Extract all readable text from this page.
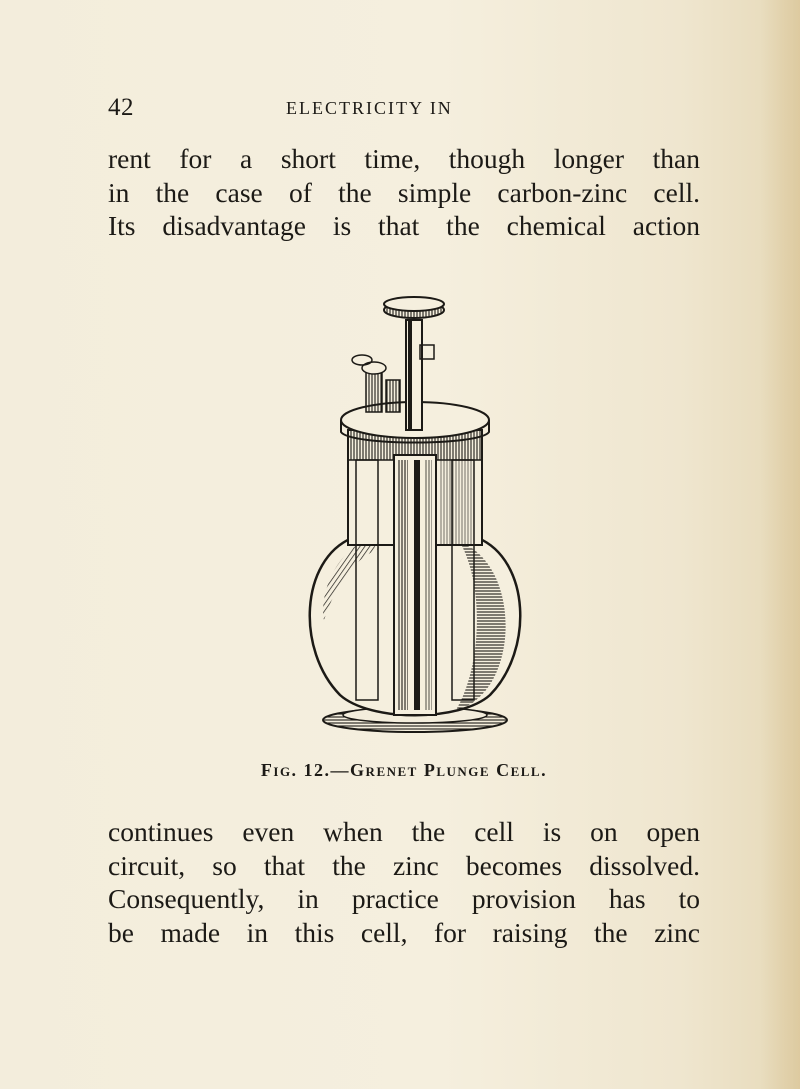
42	ELECTRICITY IN
rent for a short time, though longer than
in the case of the simple carbon-zinc cell.
Its disadvantage is that the chemical action
Fig. 12.—Grenet Plunge Cell.
continues even when the cell is on open
circuit, so that the zinc becomes dissolved.
Consequently, in practice provision has to
be made in this cell, for raising the zinc
